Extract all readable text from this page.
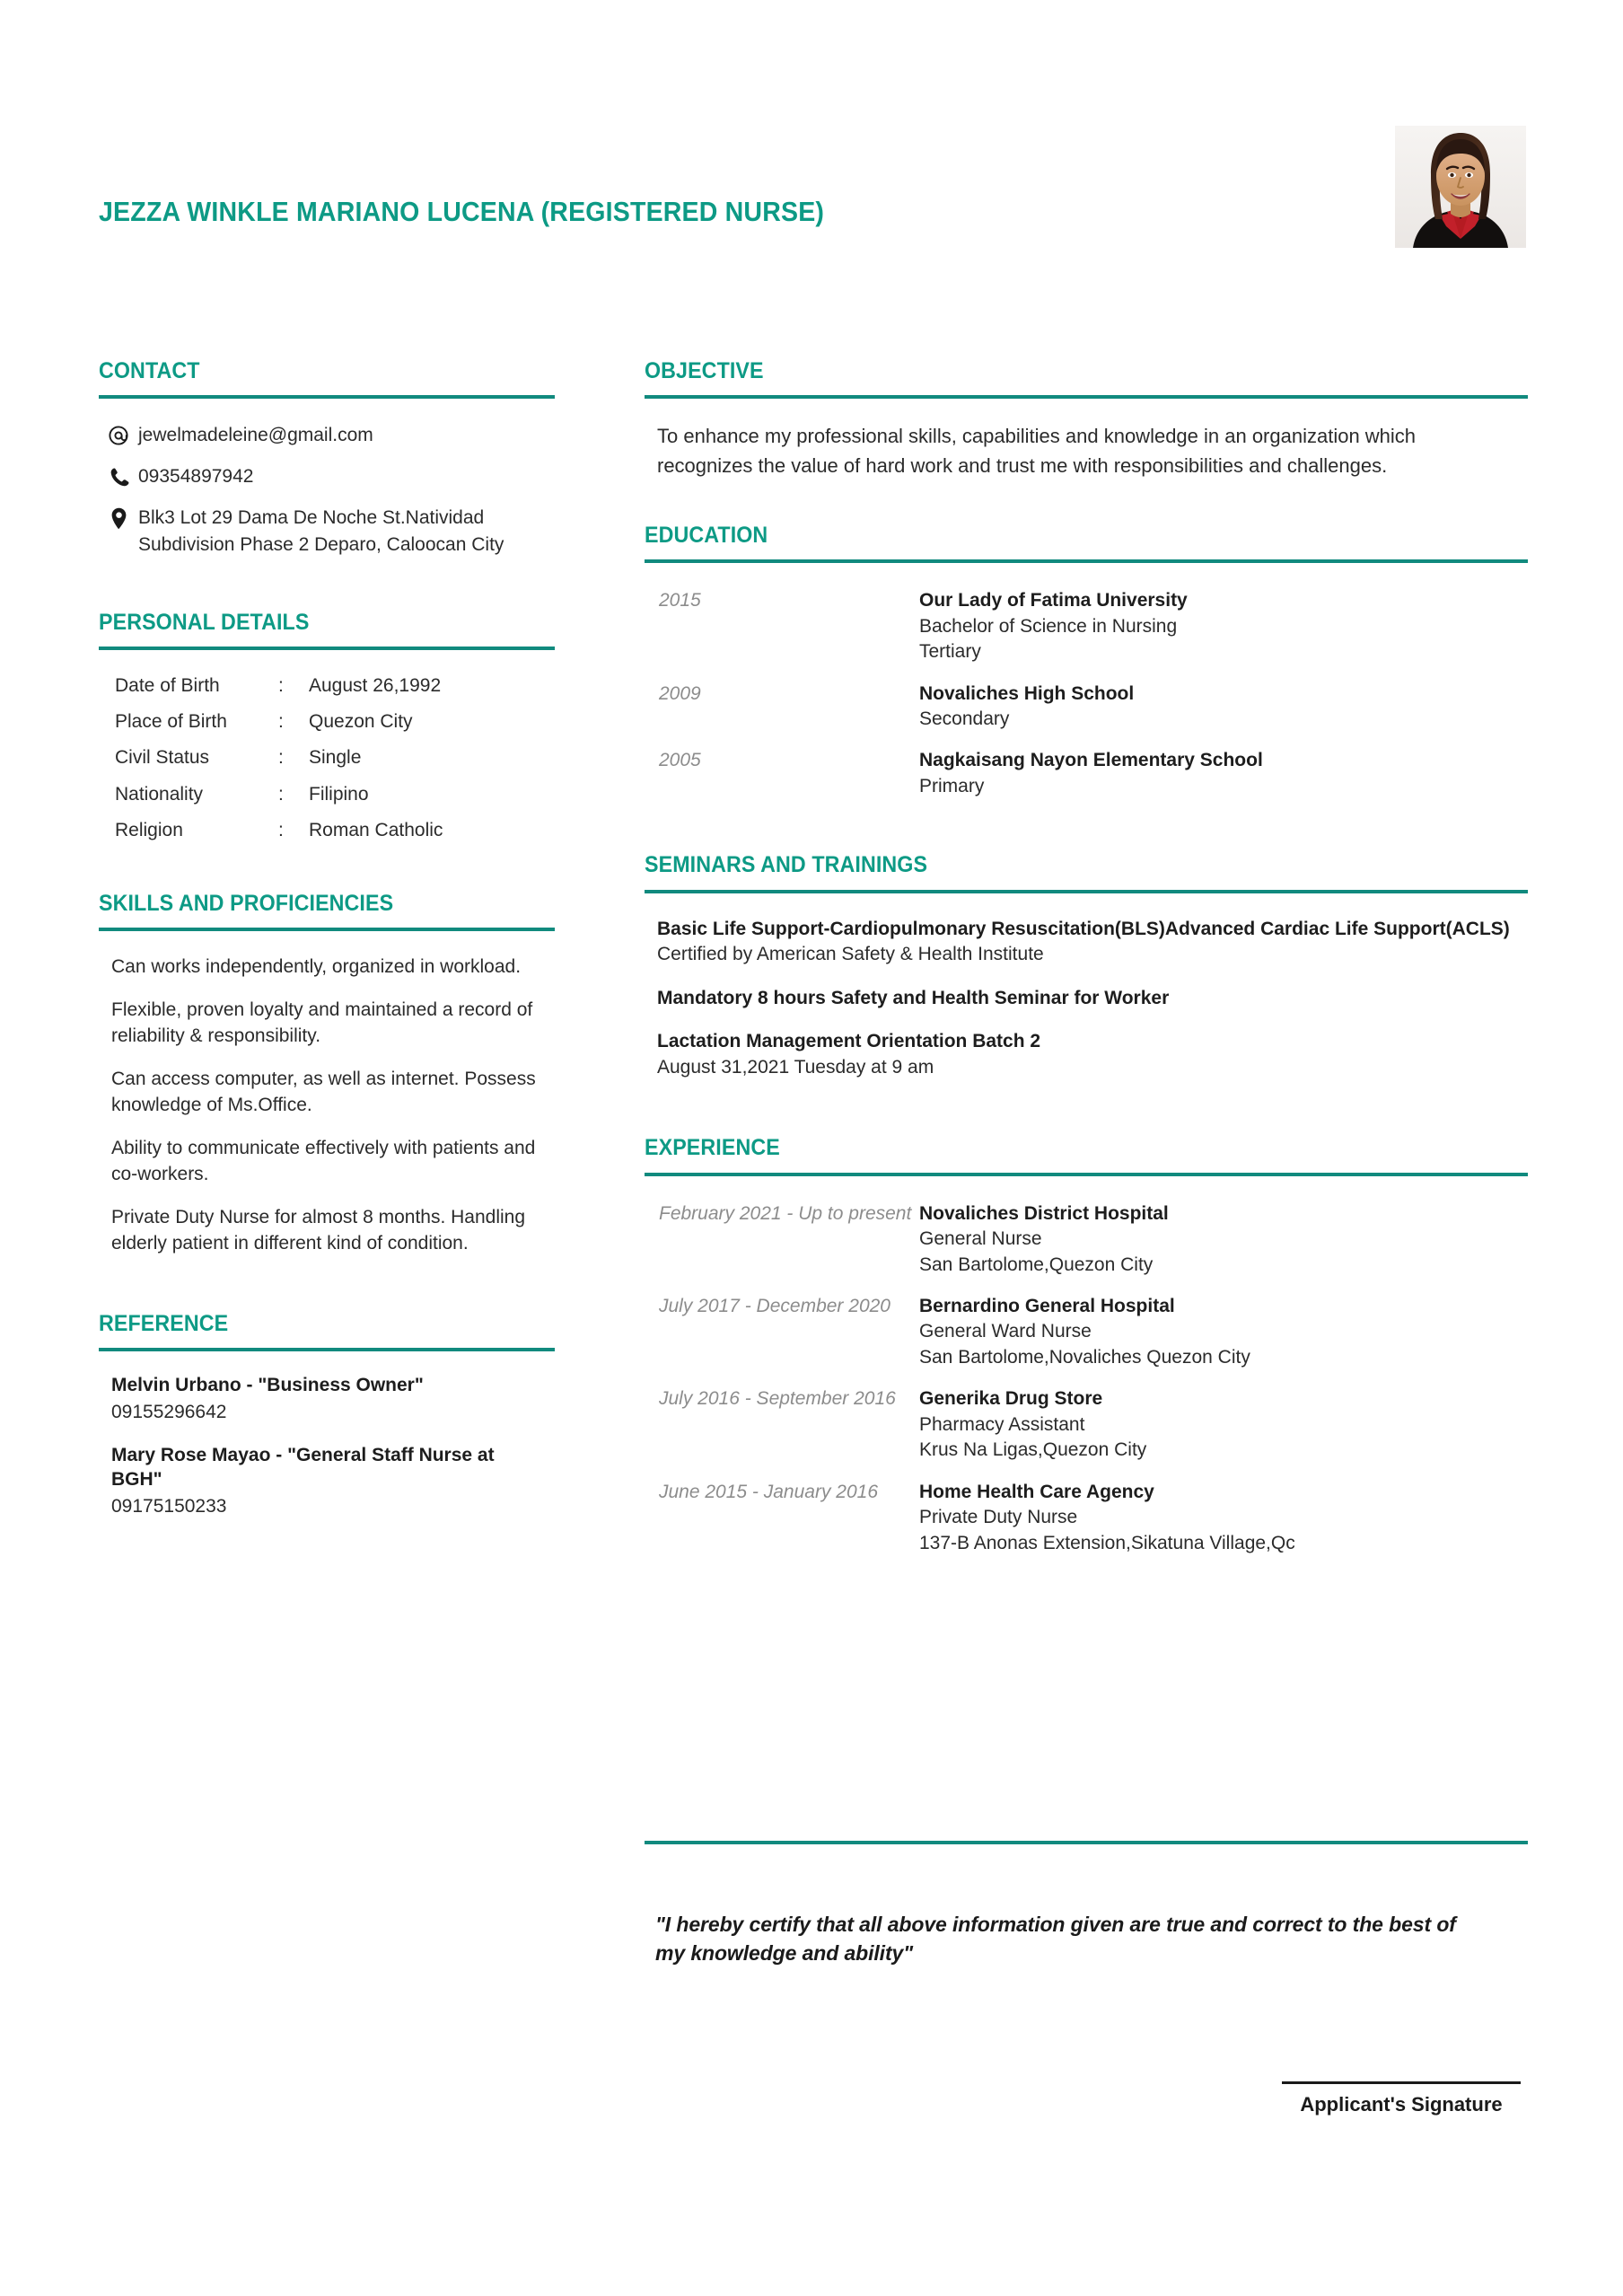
JEZZA WINKLE MARIANO LUCENA (REGISTERED NURSE)
CONTACT
jewelmadeleine@gmail.com
09354897942
Blk3 Lot 29 Dama De Noche St.Natividad Subdivision Phase 2 Deparo, Caloocan City
PERSONAL DETAILS
Date of Birth	:	August 26,1992
Place of Birth	:	Quezon City
Civil Status	:	Single
Nationality	:	Filipino
Religion	:	Roman Catholic
SKILLS AND PROFICIENCIES
Can works independently, organized in workload.
Flexible, proven loyalty and maintained a record of reliability & responsibility.
Can access computer, as well as internet. Possess knowledge of Ms.Office.
Ability to communicate effectively with patients and co-workers.
Private Duty Nurse for almost 8 months. Handling elderly patient in different kind of condition.
REFERENCE
Melvin Urbano - "Business Owner"
09155296642
Mary Rose Mayao - "General Staff Nurse at BGH"
09175150233
OBJECTIVE
To enhance my professional skills, capabilities and knowledge in an organization which recognizes the value of hard work and trust me with responsibilities and challenges.
EDUCATION
2015	Our Lady of Fatima University
Bachelor of Science in Nursing
Tertiary
2009	Novaliches High School
Secondary
2005	Nagkaisang Nayon Elementary School
Primary
SEMINARS AND TRAININGS
Basic Life Support-Cardiopulmonary Resuscitation(BLS)Advanced Cardiac Life Support(ACLS)
Certified by American Safety & Health Institute
Mandatory 8 hours Safety and Health Seminar for Worker
Lactation Management Orientation Batch 2
August 31,2021 Tuesday at 9 am
EXPERIENCE
February 2021 - Up to present Novaliches District Hospital
General Nurse
San Bartolome,Quezon City
July 2017 - December 2020	Bernardino General Hospital
General Ward Nurse
San Bartolome,Novaliches Quezon City
July 2016 - September 2016	Generika Drug Store
Pharmacy Assistant
Krus Na Ligas,Quezon City
June 2015 - January 2016	Home Health Care Agency
Private Duty Nurse
137-B Anonas Extension,Sikatuna Village,Qc
"I hereby certify that all above information given are true and correct to the best of my knowledge and ability"
Applicant's Signature
